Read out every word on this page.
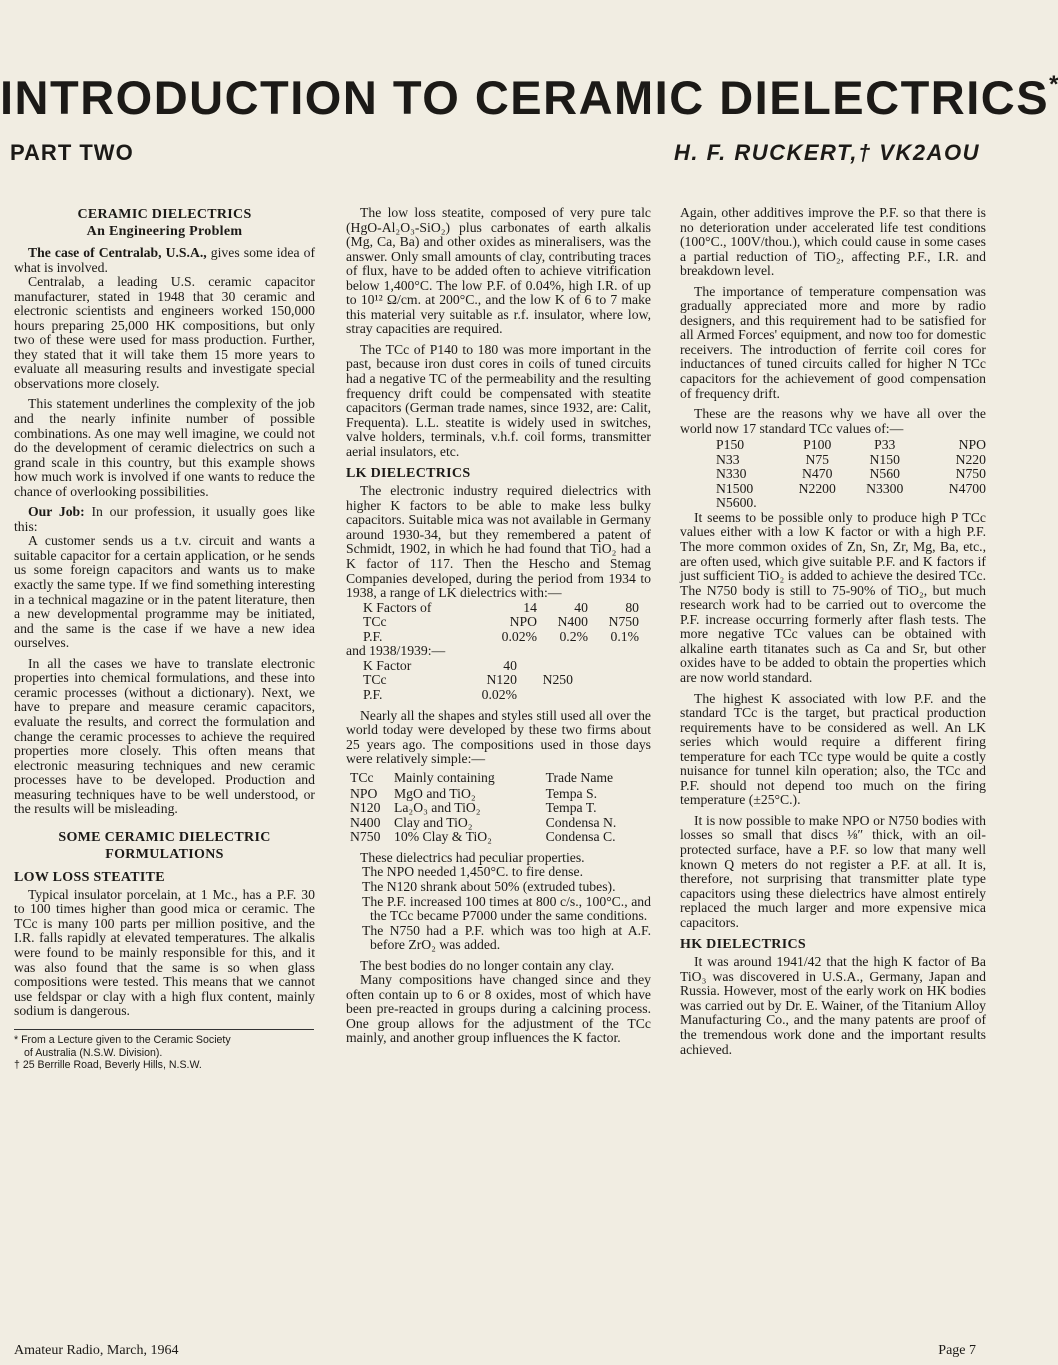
INTRODUCTION TO CERAMIC DIELECTRICS*
PART TWO	H. F. RUCKERT,† VK2AOU
CERAMIC DIELECTRICS
An Engineering Problem

The case of Centralab, U.S.A., gives some idea of what is involved.

Centralab, a leading U.S. ceramic capacitor manufacturer, stated in 1948 that 30 ceramic and electronic scientists and engineers worked 150,000 hours preparing 25,000 HK compositions, but only two of these were used for mass production. Further, they stated that it will take them 15 more years to evaluate all measuring results and investigate special observations more closely.

This statement underlines the complexity of the job and the nearly infinite number of possible combinations. As one may well imagine, we could not do the development of ceramic dielectrics on such a grand scale in this country, but this example shows how much work is involved if one wants to reduce the chance of overlooking possibilities.

Our Job: In our profession, it usually goes like this:

A customer sends us a t.v. circuit and wants a suitable capacitor for a certain application, or he sends us some foreign capacitors and wants us to make exactly the same type. If we find something interesting in a technical magazine or in the patent literature, then a new developmental programme may be initiated, and the same is the case if we have a new idea ourselves.

In all the cases we have to translate electronic properties into chemical formulations, and these into ceramic processes (without a dictionary). Next, we have to prepare and measure ceramic capacitors, evaluate the results, and correct the formulation and change the ceramic processes to achieve the required properties more closely. This often means that electronic measuring techniques and new ceramic processes have to be developed. Production and measuring techniques have to be well understood, or the results will be misleading.

SOME CERAMIC DIELECTRIC
FORMULATIONS
LOW LOSS STEATITE

Typical insulator porcelain, at 1 Mc., has a P.F. 30 to 100 times higher than good mica or ceramic. The TCc is many 100 parts per million positive, and the I.R. falls rapidly at elevated temperatures. The alkalis were found to be mainly responsible for this, and it was also found that the same is so when glass compositions were tested. This means that we cannot use feldspar or clay with a high flux content, mainly sodium is dangerous.

* From a Lecture given to the Ceramic Society
of Australia (N.S.W. Division).
† 25 Berrille Road, Beverly Hills, N.S.W.

The low loss steatite, composed of very pure talc (HgO-Al₂O₃-SiO₂) plus carbonates of earth alkalis (Mg, Ca, Ba) and other oxides as mineralisers, was the answer. Only small amounts of clay, contributing traces of flux, have to be added often to achieve vitrification below 1,400°C. The low P.F. of 0.04%, high I.R. of up to 10¹² Ω/cm. at 200°C., and the low K of 6 to 7 make this material very suitable as r.f. insulator, where low, stray capacities are required.

The TCc of P140 to 180 was more important in the past, because iron dust cores in coils of tuned circuits had a negative TC of the permeability and the resulting frequency drift could be compensated with steatite capacitors (German trade names, since 1932, are: Calit, Frequenta). L.L. steatite is widely used in switches, valve holders, terminals, v.h.f. coil forms, transmitter aerial insulators, etc.

LK DIELECTRICS

The electronic industry required dielectrics with higher K factors to be able to make less bulky capacitors. Suitable mica was not available in Germany around 1930-34, but they remembered a patent of Schmidt, 1902, in which he had found that TiO₂ had a K factor of 117. Then the Hescho and Stemag Companies developed, during the period from 1934 to 1938, a range of LK dielectrics with:—

K Factors of	14	40	80
TCc	NPO	N400	N750
P.F.	0.02%	0.2%	0.1%

and 1938/1939:—

K Factor	40	
TCc	N120	N250
P.F.	0.02%	

Nearly all the shapes and styles still used all over the world today were developed by these two firms about 25 years ago. The compositions used in those days were relatively simple:—

TCc	Mainly containing	Trade Name
NPO	MgO and TiO₂	Tempa S.
N120	La₂O₃ and TiO₂	Tempa T.
N400	Clay and TiO₂	Condensa N.
N750	10% Clay & TiO₂	Condensa C.

These dielectrics had peculiar properties.

The NPO needed 1,450°C. to fire dense.

The N120 shrank about 50% (extruded tubes).

The P.F. increased 100 times at 800 c/s., 100°C., and the TCc became P7000 under the same conditions.

The N750 had a P.F. which was too high at A.F. before ZrO₂ was added.

The best bodies do no longer contain any clay.

Many compositions have changed since and they often contain up to 6 or 8 oxides, most of which have been pre-reacted in groups during a calcining process. One group allows for the adjustment of the TCc mainly, and another group influences the K factor.

Again, other additives improve the P.F. so that there is no deterioration under accelerated life test conditions (100°C., 100V/thou.), which could cause in some cases a partial reduction of TiO₂, affecting P.F., I.R. and breakdown level.

The importance of temperature compensation was gradually appreciated more and more by radio designers, and this requirement had to be satisfied for all Armed Forces' equipment, and now too for domestic receivers. The introduction of ferrite coil cores for inductances of tuned circuits called for higher N TCc capacitors for the achievement of good compensation of frequency drift.

These are the reasons why we have all over the world now 17 standard TCc values of:—

P150	P100	P33	NPO
N33	N75	N150	N220
N330	N470	N560	N750
N1500	N2200	N3300	N4700
N5600.			

It seems to be possible only to produce high P TCc values either with a low K factor or with a high P.F. The more common oxides of Zn, Sn, Zr, Mg, Ba, etc., are often used, which give suitable P.F. and K factors if just sufficient TiO₂ is added to achieve the desired TCc. The N750 body is still to 75-90% of TiO₂, but much research work had to be carried out to overcome the P.F. increase occurring formerly after flash tests. The more negative TCc values can be obtained with alkaline earth titanates such as Ca and Sr, but other oxides have to be added to obtain the properties which are now world standard.

The highest K associated with low P.F. and the standard TCc is the target, but practical production requirements have to be considered as well. An LK series which would require a different firing temperature for each TCc type would be quite a costly nuisance for tunnel kiln operation; also, the TCc and P.F. should not depend too much on the firing temperature (±25°C.).

It is now possible to make NPO or N750 bodies with losses so small that discs ⅛″ thick, with an oil-protected surface, have a P.F. so low that many well known Q meters do not register a P.F. at all. It is, therefore, not surprising that transmitter plate type capacitors using these dielectrics have almost entirely replaced the much larger and more expensive mica capacitors.

HK DIELECTRICS

It was around 1941/42 that the high K factor of Ba TiO₃ was discovered in U.S.A., Germany, Japan and Russia. However, most of the early work on HK bodies was carried out by Dr. E. Wainer, of the Titanium Alloy Manufacturing Co., and the many patents are proof of the tremendous work done and the important results achieved.

Amateur Radio, March, 1964	Page 7
